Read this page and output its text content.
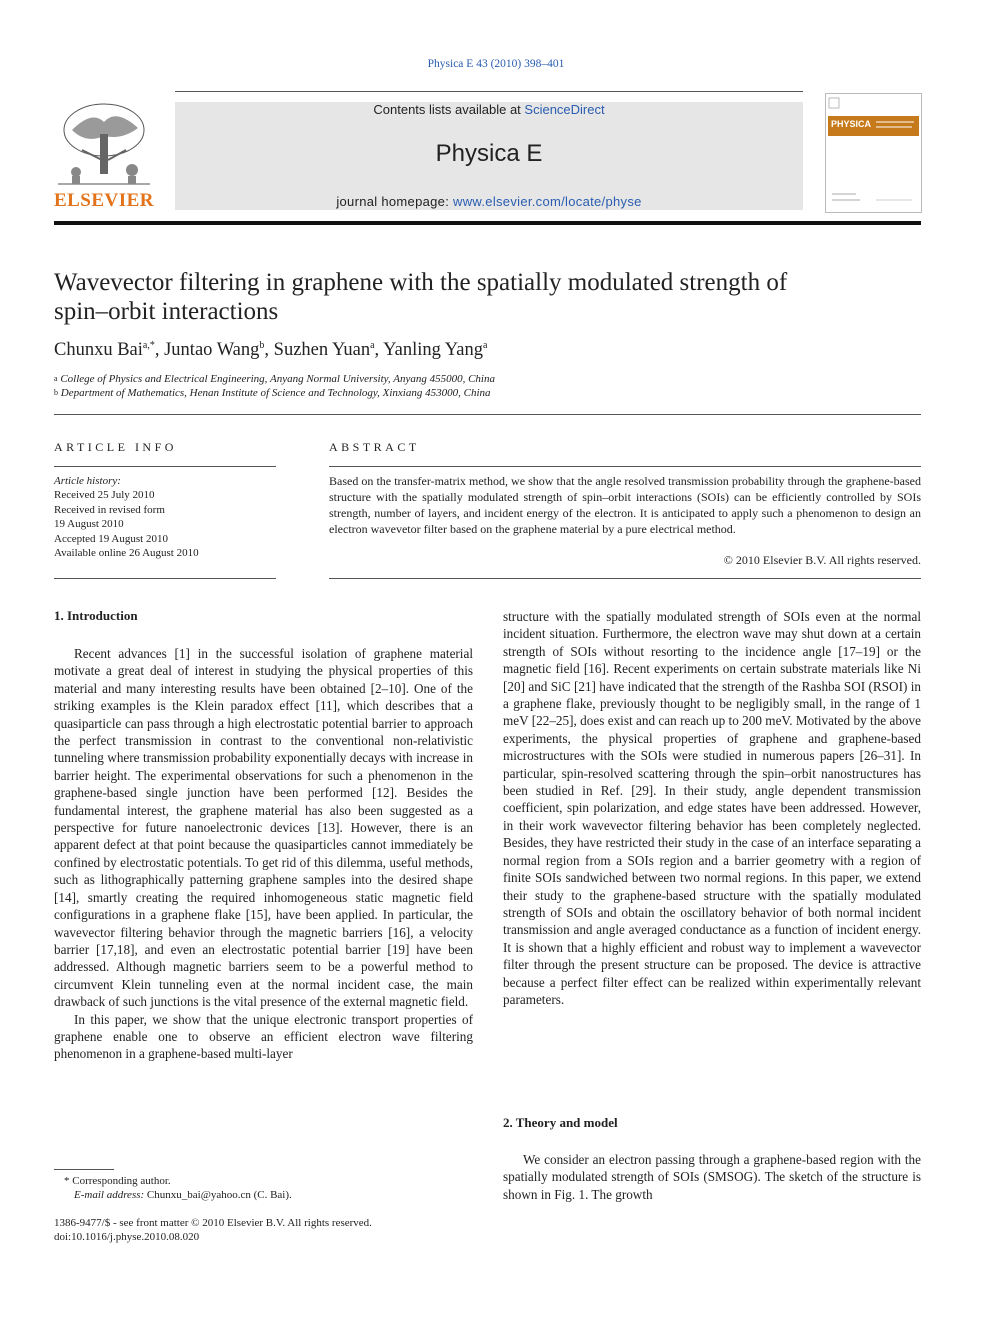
Physica E 43 (2010) 398–401
ELSEVIER
Contents lists available at ScienceDirect
Physica E
journal homepage: www.elsevier.com/locate/physe
PHYSICA
Wavevector filtering in graphene with the spatially modulated strength of spin–orbit interactions
Chunxu Bai$^{a,*}$, Juntao Wang$^b$, Suzhen Yuan$^a$, Yanling Yang$^a$
$^a$ College of Physics and Electrical Engineering, Anyang Normal University, Anyang 455000, China
$^b$ Department of Mathematics, Henan Institute of Science and Technology, Xinxiang 453000, China
ARTICLE INFO	ABSTRACT
Article history:
Received 25 July 2010
Received in revised form
19 August 2010
Accepted 19 August 2010
Available online 26 August 2010
Based on the transfer-matrix method, we show that the angle resolved transmission probability through the graphene-based structure with the spatially modulated strength of spin–orbit interactions (SOIs) can be efficiently controlled by SOIs strength, number of layers, and incident energy of the electron. It is anticipated to apply such a phenomenon to design an electron wavevetor filter based on the graphene material by a pure electrical method.
© 2010 Elsevier B.V. All rights reserved.
1. Introduction

Recent advances [1] in the successful isolation of graphene material motivate a great deal of interest in studying the physical properties of this material and many interesting results have been obtained [2–10]. One of the striking examples is the Klein paradox effect [11], which describes that a quasiparticle can pass through a high electrostatic potential barrier to approach the perfect transmission in contrast to the conventional non-relativistic tunneling where transmission probability exponentially decays with increase in barrier height. The experimental observations for such a phenomenon in the graphene-based single junction have been performed [12]. Besides the fundamental interest, the graphene material has also been suggested as a perspective for future nanoelectronic devices [13]. However, there is an apparent defect at that point because the quasiparticles cannot immediately be confined by electrostatic potentials. To get rid of this dilemma, useful methods, such as lithographically patterning graphene samples into the desired shape [14], smartly creating the required inhomogeneous static magnetic field configurations in a graphene flake [15], have been applied. In particular, the wavevector filtering behavior through the magnetic barriers [16], a velocity barrier [17,18], and even an electrostatic potential barrier [19] have been addressed. Although magnetic barriers seem to be a powerful method to circumvent Klein tunneling even at the normal incident case, the main drawback of such junctions is the vital presence of the external magnetic field.

In this paper, we show that the unique electronic transport properties of graphene enable one to observe an efficient electron wave filtering phenomenon in a graphene-based multi-layer

structure with the spatially modulated strength of SOIs even at the normal incident situation. Furthermore, the electron wave may shut down at a certain strength of SOIs without resorting to the incidence angle [17–19] or the magnetic field [16]. Recent experiments on certain substrate materials like Ni [20] and SiC [21] have indicated that the strength of the Rashba SOI (RSOI) in a graphene flake, previously thought to be negligibly small, in the range of 1 meV [22–25], does exist and can reach up to 200 meV. Motivated by the above experiments, the physical properties of graphene and graphene-based microstructures with the SOIs were studied in numerous papers [26–31]. In particular, spin-resolved scattering through the spin–orbit nanostructures has been studied in Ref. [29]. In their study, angle dependent transmission coefficient, spin polarization, and edge states have been addressed. However, in their work wavevector filtering behavior has been completely neglected. Besides, they have restricted their study in the case of an interface separating a normal region from a SOIs region and a barrier geometry with a region of finite SOIs sandwiched between two normal regions. In this paper, we extend their study to the graphene-based structure with the spatially modulated strength of SOIs and obtain the oscillatory behavior of both normal incident transmission and angle averaged conductance as a function of incident energy. It is shown that a highly efficient and robust way to implement a wavevector filter through the present structure can be proposed. The device is attractive because a perfect filter effect can be realized within experimentally relevant parameters.
2. Theory and model

We consider an electron passing through a graphene-based region with the spatially modulated strength of SOIs (SMSOG). The sketch of the structure is shown in Fig. 1. The growth

* Corresponding author.
E-mail address: Chunxu_bai@yahoo.cn (C. Bai).
1386-9477/$ - see front matter © 2010 Elsevier B.V. All rights reserved.
doi:10.1016/j.physe.2010.08.020
